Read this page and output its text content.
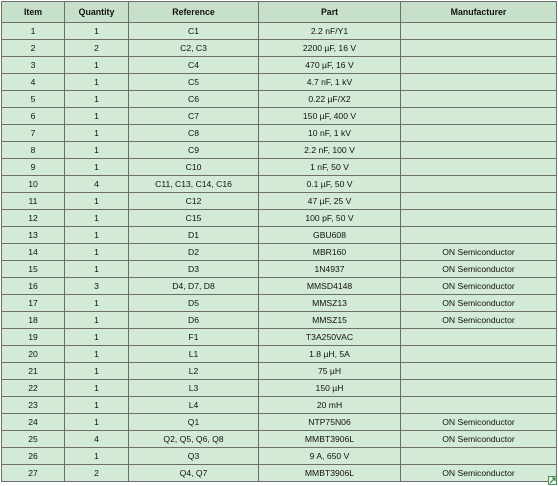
Item	Quantity	Reference	Part	Manufacturer
1	1	C1	2.2 nF/Y1	
2	2	C2, C3	2200 µF, 16 V	
3	1	C4	470 µF, 16 V	
4	1	C5	4.7 nF, 1 kV	
5	1	C6	0.22 µF/X2	
6	1	C7	150 µF, 400 V	
7	1	C8	10 nF, 1 kV	
8	1	C9	2.2 nF, 100 V	
9	1	C10	1 nF, 50 V	
10	4	C11, C13, C14, C16	0.1 µF, 50 V	
11	1	C12	47 µF, 25 V	
12	1	C15	100 pF, 50 V	
13	1	D1	GBU608	
14	1	D2	MBR160	ON Semiconductor
15	1	D3	1N4937	ON Semiconductor
16	3	D4, D7, D8	MMSD4148	ON Semiconductor
17	1	D5	MMSZ13	ON Semiconductor
18	1	D6	MMSZ15	ON Semiconductor
19	1	F1	T3A250VAC	
20	1	L1	1.8 µH, 5A	
21	1	L2	75 µH	
22	1	L3	150 µH	
23	1	L4	20 mH	
24	1	Q1	NTP75N06	ON Semiconductor
25	4	Q2, Q5, Q6, Q8	MMBT3906L	ON Semiconductor
26	1	Q3	9 A, 650 V	
27	2	Q4, Q7	MMBT3906L	ON Semiconductor
